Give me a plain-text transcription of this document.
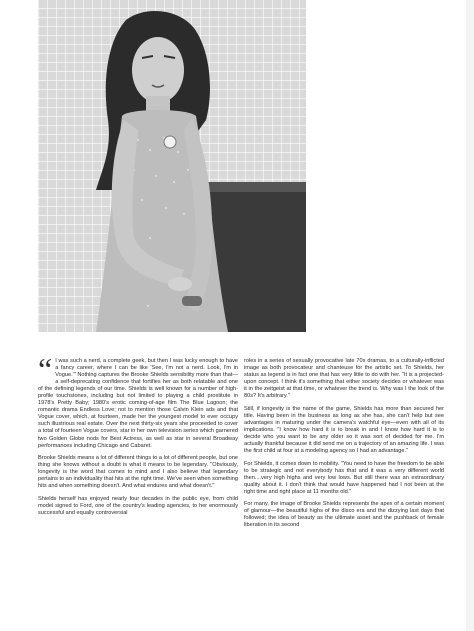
“ I was such a nerd, a complete geek, but then I was lucky enough to have a fancy career, where I can be like 'See, I'm not a nerd. Look, I'm in Vogue.'" Nothing captures the Brooke Shields sensibility more than that—a self-deprecating confidence that fortifies her as both relatable and one of the defining legends of our time. Shields is well known for a number of high-profile touchstones, including but not limited to playing a child prostitute in 1978's Pretty Baby; 1980's erotic coming-of-age film The Blue Lagoon; the romantic drama Endless Love; not to mention those Calvin Klein ads and that Vogue cover, which, at fourteen, made her the youngest model to ever occupy such illustrious real estate. Over the next thirty-six years she proceeded to cover a total of fourteen Vogue covers, star in her own television series which garnered two Golden Globe nods for Best Actress, as well as star in several Broadway performances including Chicago and Cabaret.

Brooke Shields means a lot of different things to a lot of different people, but one thing she knows without a doubt is what it means to be legendary. "Obviously, longevity is the word that comes to mind and I also believe that legendary pertains to an individuality that hits at the right time. We've seen when something hits and when something doesn't. And what endures and what doesn't."

Shields herself has enjoyed nearly four decades in the public eye, from child model signed to Ford, one of the country's leading agencies, to her enormously successful and equally controversial

roles in a series of sexually provocative late 70s dramas, to a culturally-inflicted image as both provocateur and chanteuse for the artistic set. To Shields, her status as legend is in fact one that has very little to do with her. "It is a projected-upon concept. I think it's something that either society decides or whatever was it in the zeitgeist at that time, or whatever the trend is. Why was I the look of the 80s? It's arbitrary."

Still, if longevity is the name of the game, Shields has more than secured her title. Having been in the business as long as she has, she can't help but see advantages in maturing under the camera's watchful eye—even with all of its implications. "I know how hard it is to break in and I know how hard it is to decide who you want to be any older so it was sort of decided for me. I'm actually thankful because it did send me on a trajectory of an amazing life. I was the first child at four at a modeling agency so I had an advantage."

For Shields, it comes down to mobility. "You need to have the freedom to be able to be strategic and not everybody has that and it was a very different world then....very high highs and very low lows. But still there was an extraordinary quality about it. I don't think that would have happened had I not been at the right time and right place at 11 months old."

For many, the image of Brooke Shields represents the apex of a certain moment of glamour—the beautiful highs of the disco era and the dizzying last days that followed; the idea of beauty as the ultimate asset and the pushback of female liberation in its second
